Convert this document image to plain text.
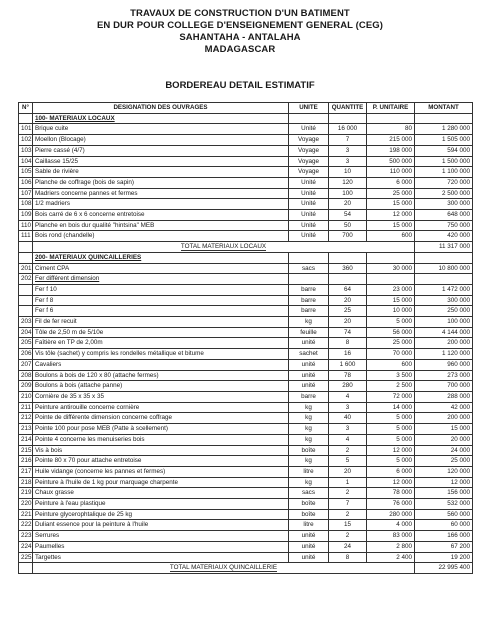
TRAVAUX DE CONSTRUCTION D'UN BATIMENT
EN DUR POUR COLLEGE D'ENSEIGNEMENT GENERAL (CEG)
SAHANTAHA - ANTALAHA
MADAGASCAR
BORDEREAU DETAIL ESTIMATIF
N°	DESIGNATION DES OUVRAGES	UNITE	QUANTITE	P. UNITAIRE	MONTANT
	100- MATERIAUX LOCAUX				
101	Brique cuite	Unité	16 000	80	1 280 000
102	Moellon (Blocage)	Voyage	7	215 000	1 505 000
103	Pierre cassé (4/7)	Voyage	3	198 000	594 000
104	Caillasse 15/25	Voyage	3	500 000	1 500 000
105	Sable de rivière	Voyage	10	110 000	1 100 000
106	Planche de coffrage (bois de sapin)	Unité	120	6 000	720 000
107	Madriers concerne pannes et fermes	Unité	100	25 000	2 500 000
108	1/2 madriers	Unité	20	15 000	300 000
109	Bois carré de 6 x 6 concerne entretoise	Unité	54	12 000	648 000
110	Planche en bois dur qualité "hintsina" MEB	Unité	50	15 000	750 000
111	Bois rond (chandelle)	Unité	700	600	420 000
	TOTAL MATERIAUX LOCAUX				11 317 000
	200- MATERIAUX QUINCAILLERIES				
201	Ciment CPA	sacs	360	30 000	10 800 000
202	Fer différent dimension				
	Fer f 10	barre	64	23 000	1 472 000
	Fer f 8	barre	20	15 000	300 000
	Fer f 6	barre	25	10 000	250 000
203	Fil de fer recuit	kg	20	5 000	100 000
204	Tôle de 2,50 m de 5/10e	feuille	74	56 000	4 144 000
205	Faîtière en TP de 2,00m	unité	8	25 000	200 000
206	Vis tôle (sachet) y compris les rondelles métallique et bitume	sachet	16	70 000	1 120 000
207	Cavaliers	unité	1 600	600	960 000
208	Boulons à bois de 120 x 80 (attache fermes)	unité	78	3 500	273 000
209	Boulons à bois (attache panne)	unité	280	2 500	700 000
210	Cornière de 35 x 35 x 35	barre	4	72 000	288 000
211	Peinture antirouille concerne cornière	kg	3	14 000	42 000
212	Pointe de différente dimension concerne coffrage	kg	40	5 000	200 000
213	Pointe 100 pour pose MEB (Patte à scellement)	kg	3	5 000	15 000
214	Pointe 4 concerne les menuiseries bois	kg	4	5 000	20 000
215	Vis à bois	boîte	2	12 000	24 000
216	Pointe 80 x 70 pour attache entretoise	kg	5	5 000	25 000
217	Huile vidange (concerne les pannes et fermes)	litre	20	6 000	120 000
218	Peinture à l'huile de 1 kg pour marquage charpente	kg	1	12 000	12 000
219	Chaux grasse	sacs	2	78 000	156 000
220	Peinture à l'eau plastique	boîte	7	76 000	532 000
221	Peinture glycerophtalique de 25 kg	boîte	2	280 000	560 000
222	Duliant essence pour la peinture à l'huile	litre	15	4 000	60 000
223	Serrures	unité	2	83 000	166 000
224	Paumelles	unité	24	2 800	67 200
225	Targettes	unité	8	2 400	19 200
	TOTAL MATERIAUX QUINCAILLERIE				22 995 400
